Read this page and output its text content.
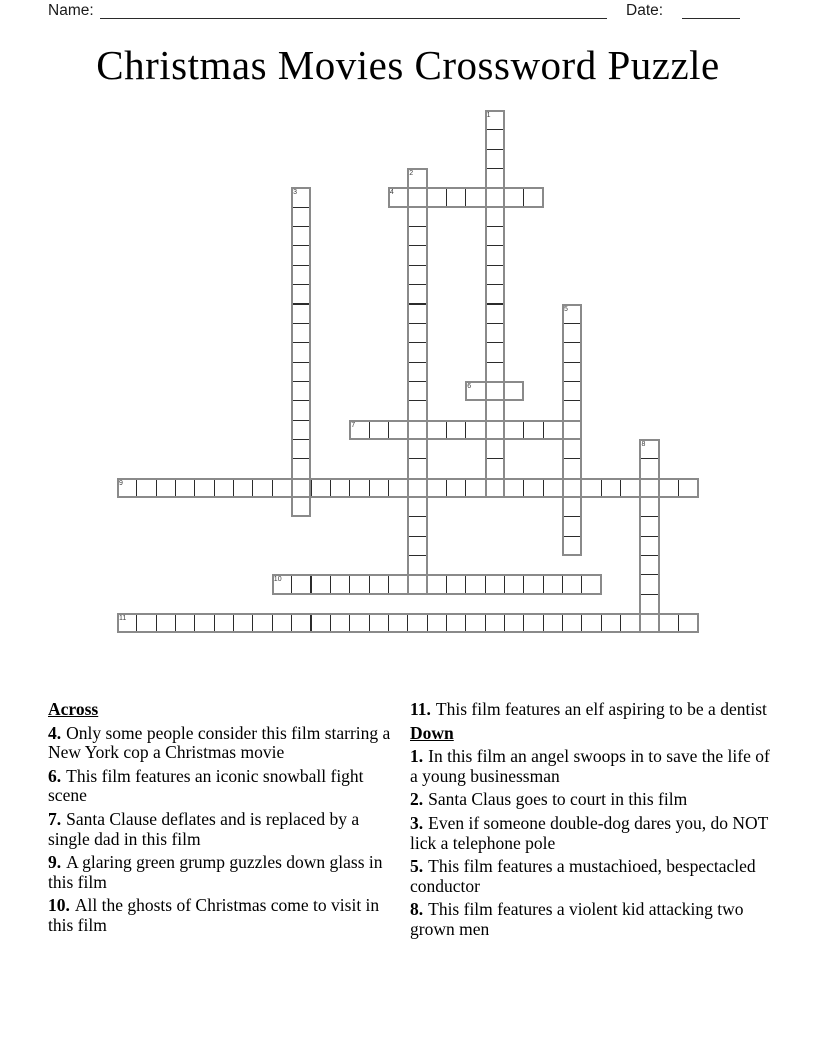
Name:	Date:
Christmas Movies Crossword Puzzle
1
2
3	4
5
6
7
8
9
10
11
Across

4. Only some people consider this film starring a New York cop a Christmas movie

6. This film features an iconic snowball fight scene

7. Santa Clause deflates and is replaced by a single dad in this film

9. A glaring green grump guzzles down glass in this film

10. All the ghosts of Christmas come to visit in this film

11. This film features an elf aspiring to be a dentist

Down

1. In this film an angel swoops in to save the life of a young businessman

2. Santa Claus goes to court in this film

3. Even if someone double-dog dares you, do NOT lick a telephone pole

5. This film features a mustachioed, bespectacled conductor

8. This film features a violent kid attacking two grown men
